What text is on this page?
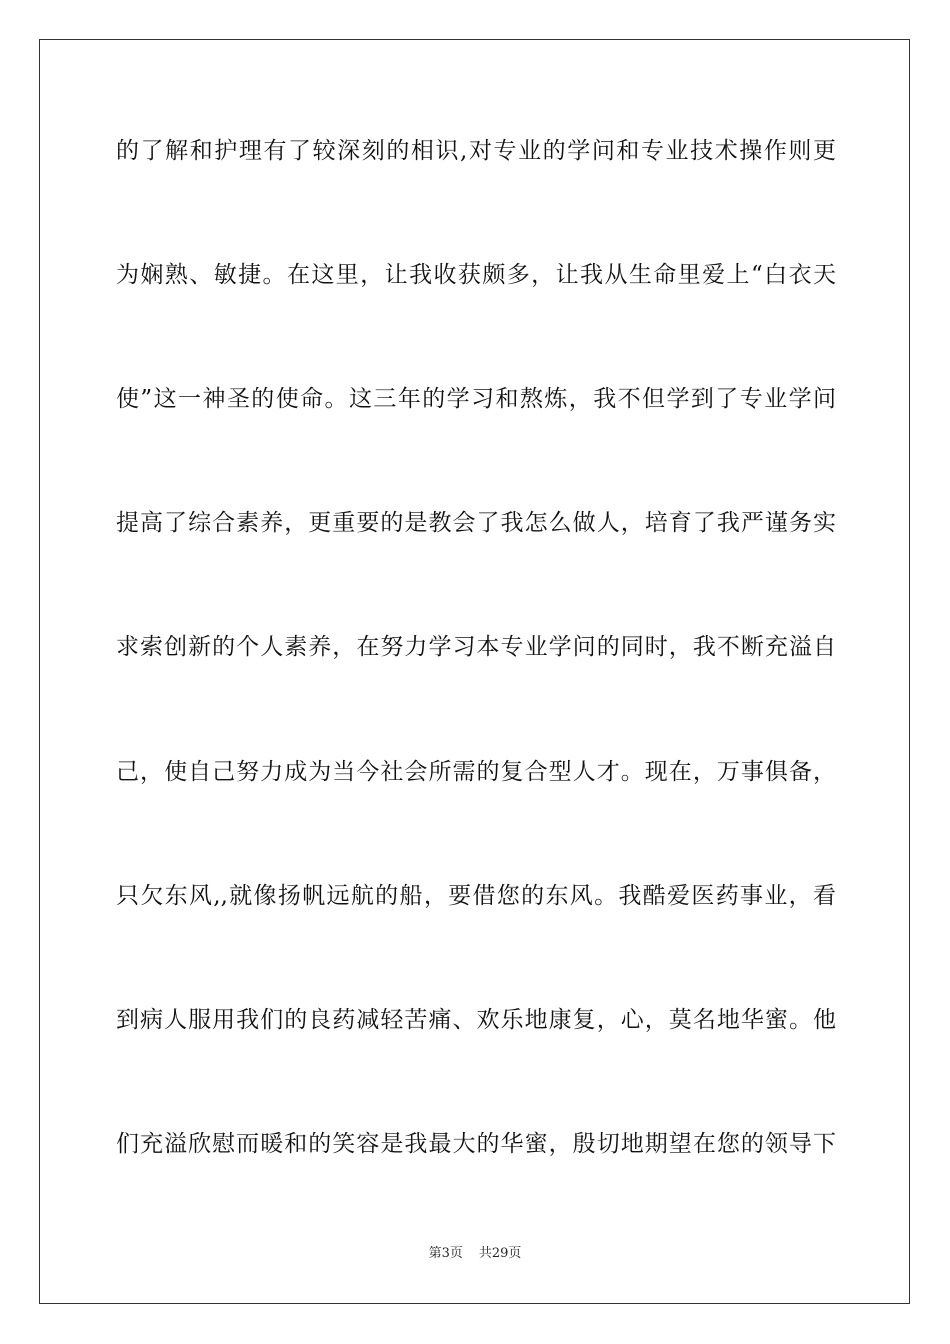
的了解和护理有了较深刻的相识,对专业的学问和专业技术操作则更
为娴熟、敏捷。在这里，让我收获颇多，让我从生命里爱上“白衣天
使”这一神圣的使命。这三年的学习和熬炼，我不但学到了专业学问
提高了综合素养，更重要的是教会了我怎么做人，培育了我严谨务实
求索创新的个人素养，在努力学习本专业学问的同时，我不断充溢自
己，使自己努力成为当今社会所需的复合型人才。现在，万事俱备，
只欠东风,,就像扬帆远航的船，要借您的东风。我酷爱医药事业，看
到病人服用我们的良药减轻苦痛、欢乐地康复，心，莫名地华蜜。他
们充溢欣慰而暖和的笑容是我最大的华蜜，殷切地期望在您的领导下
第3页 共29页
